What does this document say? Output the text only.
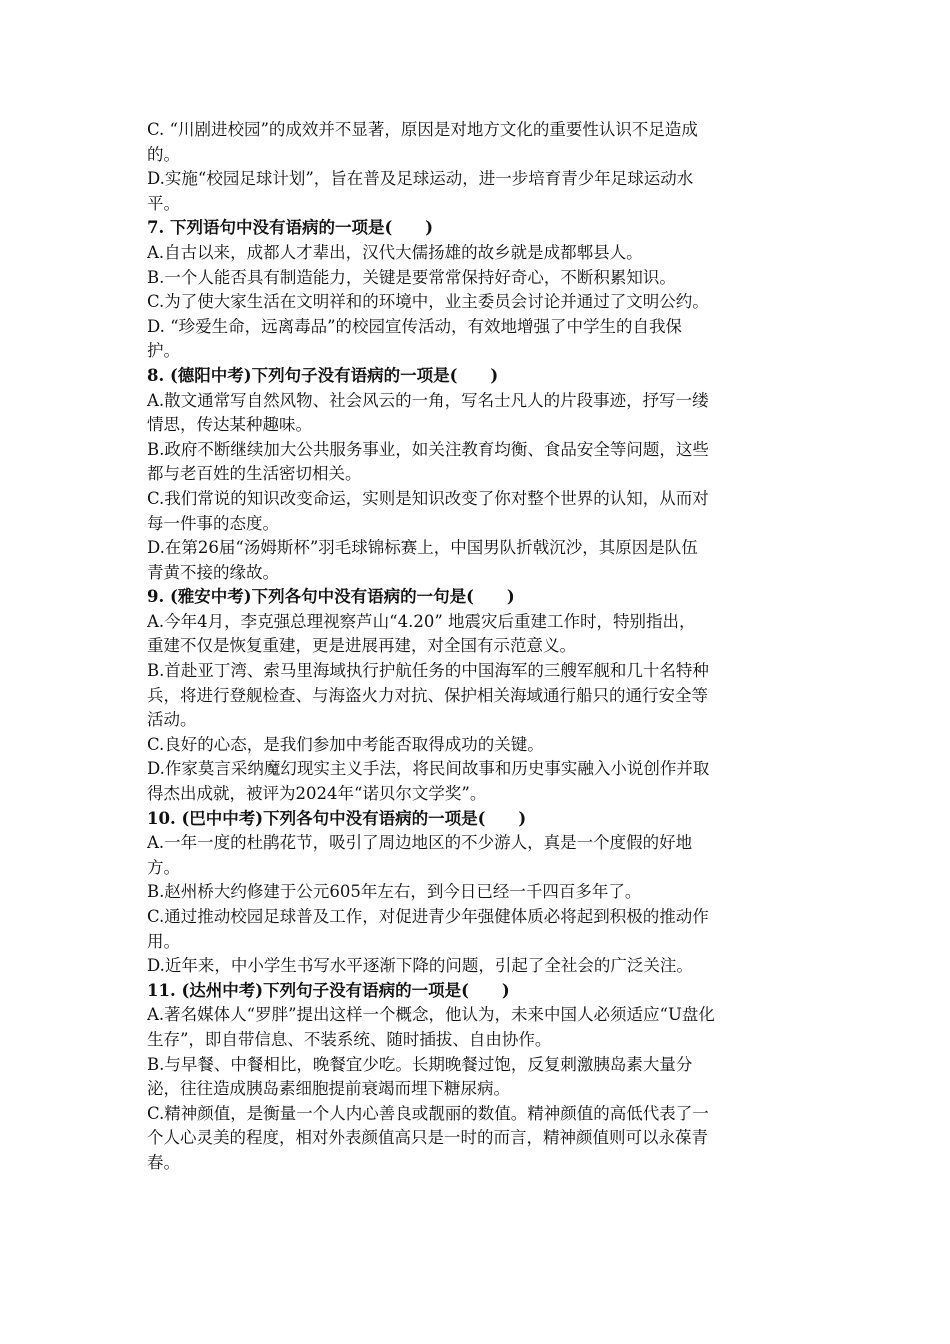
C. “川剧进校园”的成效并不显著，原因是对地方文化的重要性认识不足造成
的。
D.实施“校园足球计划”，旨在普及足球运动，进一步培育青少年足球运动水
平。
7. 下列语句中没有语病的一项是(　　)
A.自古以来，成都人才辈出，汉代大儒扬雄的故乡就是成都郫县人。
B.一个人能否具有制造能力，关键是要常常保持好奇心，不断积累知识。
C.为了使大家生活在文明祥和的环境中，业主委员会讨论并通过了文明公约。
D. “珍爱生命，远离毒品”的校园宣传活动，有效地增强了中学生的自我保
护。
8. (德阳中考)下列句子没有语病的一项是(　　)
A.散文通常写自然风物、社会风云的一角，写名士凡人的片段事迹，抒写一缕
情思，传达某种趣味。
B.政府不断继续加大公共服务事业，如关注教育均衡、食品安全等问题，这些
都与老百姓的生活密切相关。
C.我们常说的知识改变命运，实则是知识改变了你对整个世界的认知，从而对
每一件事的态度。
D.在第26届“汤姆斯杯”羽毛球锦标赛上，中国男队折戟沉沙，其原因是队伍
青黄不接的缘故。
9. (雅安中考)下列各句中没有语病的一句是(　　)
A.今年4月，李克强总理视察芦山“4.20” 地震灾后重建工作时，特别指出，
重建不仅是恢复重建，更是进展再建，对全国有示范意义。
B.首赴亚丁湾、索马里海域执行护航任务的中国海军的三艘军舰和几十名特种
兵，将进行登舰检查、与海盗火力对抗、保护相关海域通行船只的通行安全等
活动。
C.良好的心态，是我们参加中考能否取得成功的关键。
D.作家莫言采纳魔幻现实主义手法，将民间故事和历史事实融入小说创作并取
得杰出成就，被评为2024年“诺贝尔文学奖”。
10. (巴中中考)下列各句中没有语病的一项是(　　)
A.一年一度的杜鹃花节，吸引了周边地区的不少游人，真是一个度假的好地
方。
B.赵州桥大约修建于公元605年左右，到今日已经一千四百多年了。
C.通过推动校园足球普及工作，对促进青少年强健体质必将起到积极的推动作
用。
D.近年来，中小学生书写水平逐渐下降的问题，引起了全社会的广泛关注。
11. (达州中考)下列句子没有语病的一项是(　　)
A.著名媒体人“罗胖”提出这样一个概念，他认为，未来中国人必须适应“U盘化
生存”，即自带信息、不装系统、随时插拔、自由协作。
B.与早餐、中餐相比，晚餐宜少吃。长期晚餐过饱，反复刺激胰岛素大量分
泌，往往造成胰岛素细胞提前衰竭而埋下糖尿病。
C.精神颜值，是衡量一个人内心善良或靓丽的数值。精神颜值的高低代表了一
个人心灵美的程度，相对外表颜值高只是一时的而言，精神颜值则可以永葆青
春。
